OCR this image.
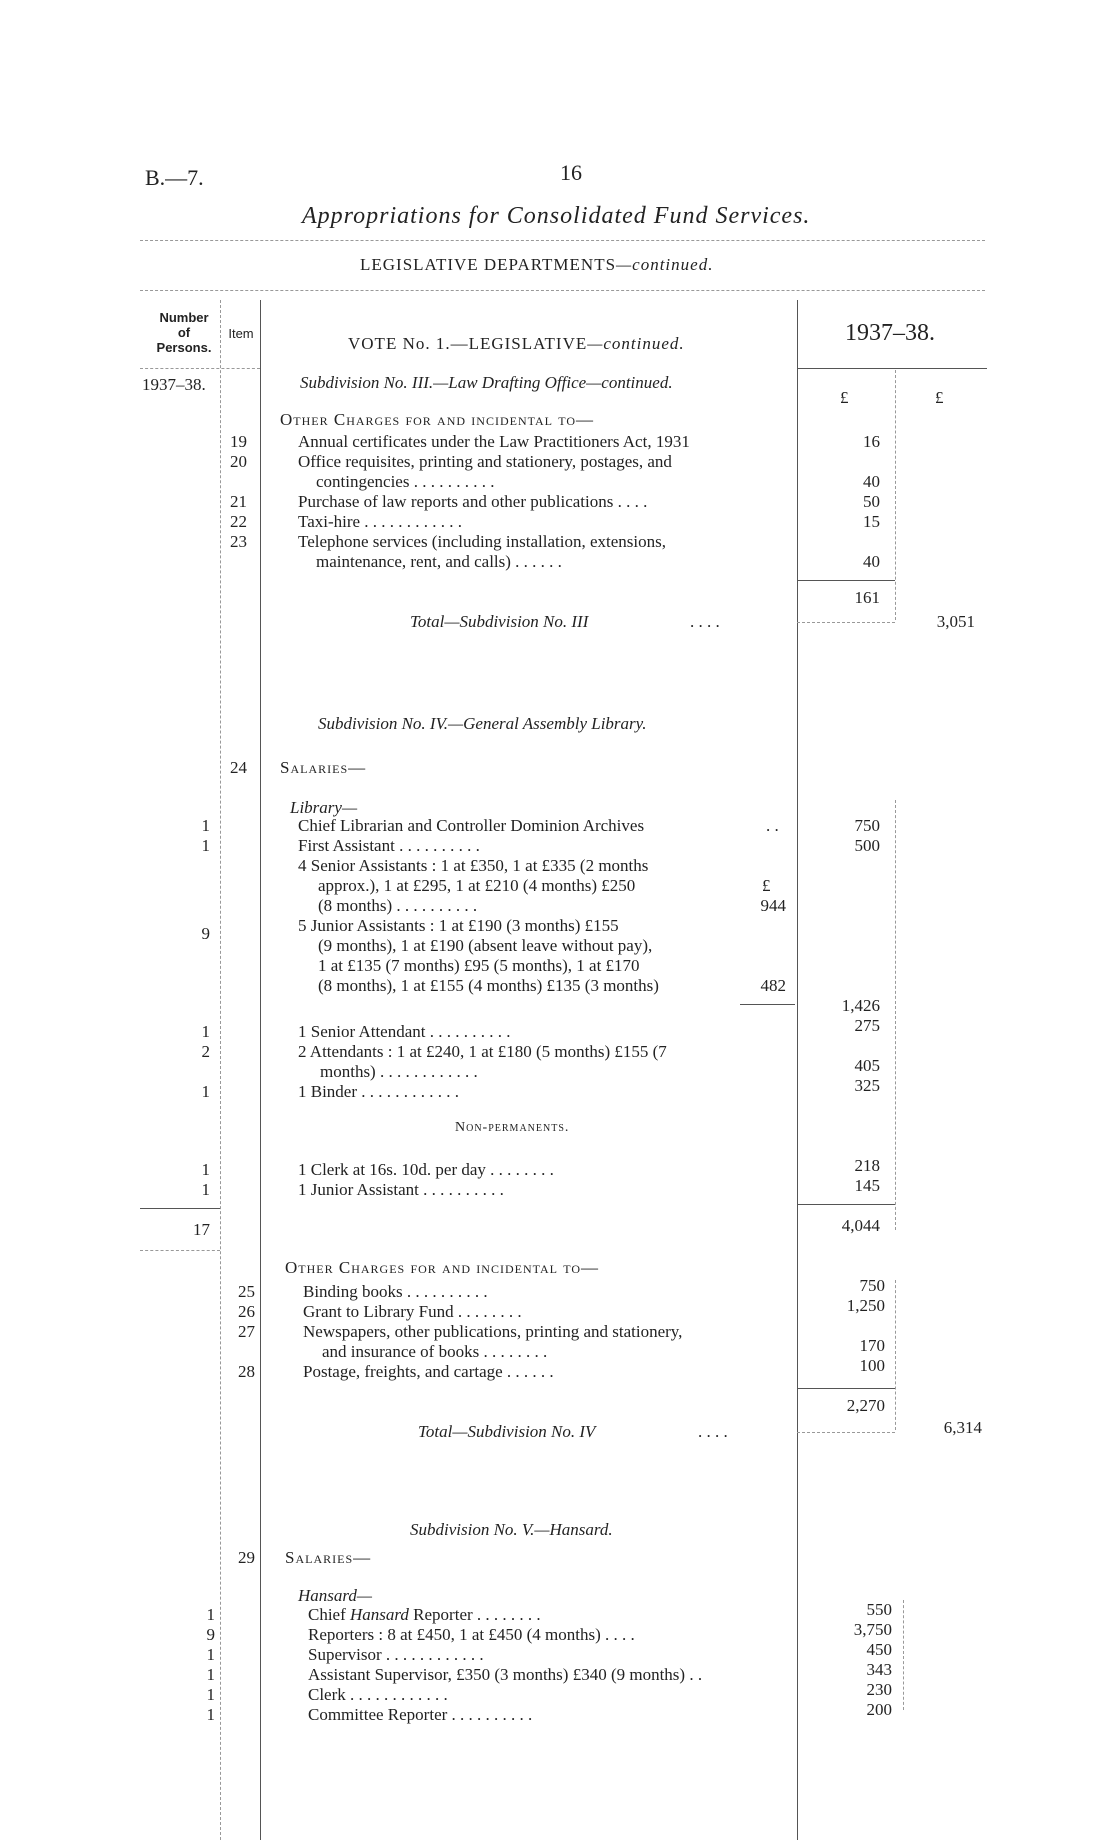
B.—7.	16
Appropriations for Consolidated Fund Services.
LEGISLATIVE DEPARTMENTS—continued.
Number
of
Persons.
Item
VOTE No. 1.—LEGISLATIVE—continued.	1937–38.
1937–38.
£	£
Subdivision No. III.—Law Drafting Office—continued.
Other Charges for and incidental to—
19	Annual certificates under the Law Practitioners Act, 1931	16
20	Office requisites, printing and stationery, postages, and
contingencies . . . . . . . . . .	40
21	Purchase of law reports and other publications . . . .	50
22	Taxi-hire . . . . . . . . . . . .	15
23	Telephone services (including installation, extensions,
maintenance, rent, and calls) . . . . . .	40
161
Total—Subdivision No. III	. . . .	3,051
Subdivision No. IV.—General Assembly Library.
24 Salaries—
Library—
1	Chief Librarian and Controller Dominion Archives	. .	750
1	First Assistant . . . . . . . . . .	500
4 Senior Assistants : 1 at £350, 1 at £335 (2 months
approx.), 1 at £295, 1 at £210 (4 months) £250	£
(8 months) . . . . . . . . . .	944
9	5 Junior Assistants : 1 at £190 (3 months) £155
(9 months), 1 at £190 (absent leave without pay),
1 at £135 (7 months) £95 (5 months), 1 at £170
(8 months), 1 at £155 (4 months) £135 (3 months)	482
1,426
1	1 Senior Attendant . . . . . . . . . .	275
2	2 Attendants : 1 at £240, 1 at £180 (5 months) £155 (7
months) . . . . . . . . . . . .	405
1	1 Binder . . . . . . . . . . . .	325
Non-permanents.
1	1 Clerk at 16s. 10d. per day . . . . . . . .	218
1	1 Junior Assistant . . . . . . . . . .	145
17	4,044
Other Charges for and incidental to—
25	Binding books . . . . . . . . . .	750
26	Grant to Library Fund . . . . . . . .	1,250
27	Newspapers, other publications, printing and stationery,
and insurance of books . . . . . . . .	170
28	Postage, freights, and cartage . . . . . .	100
2,270
Total—Subdivision No. IV	. . . .	6,314
Subdivision No. V.—Hansard.
29 Salaries—
Hansard—
1	Chief Hansard Reporter . . . . . . . .	550
9	Reporters : 8 at £450, 1 at £450 (4 months) . . . .	3,750
1	Supervisor . . . . . . . . . . . .	450
1	Assistant Supervisor, £350 (3 months) £340 (9 months) . .	343
1	Clerk . . . . . . . . . . . .	230
1	Committee Reporter . . . . . . . . . .	200
